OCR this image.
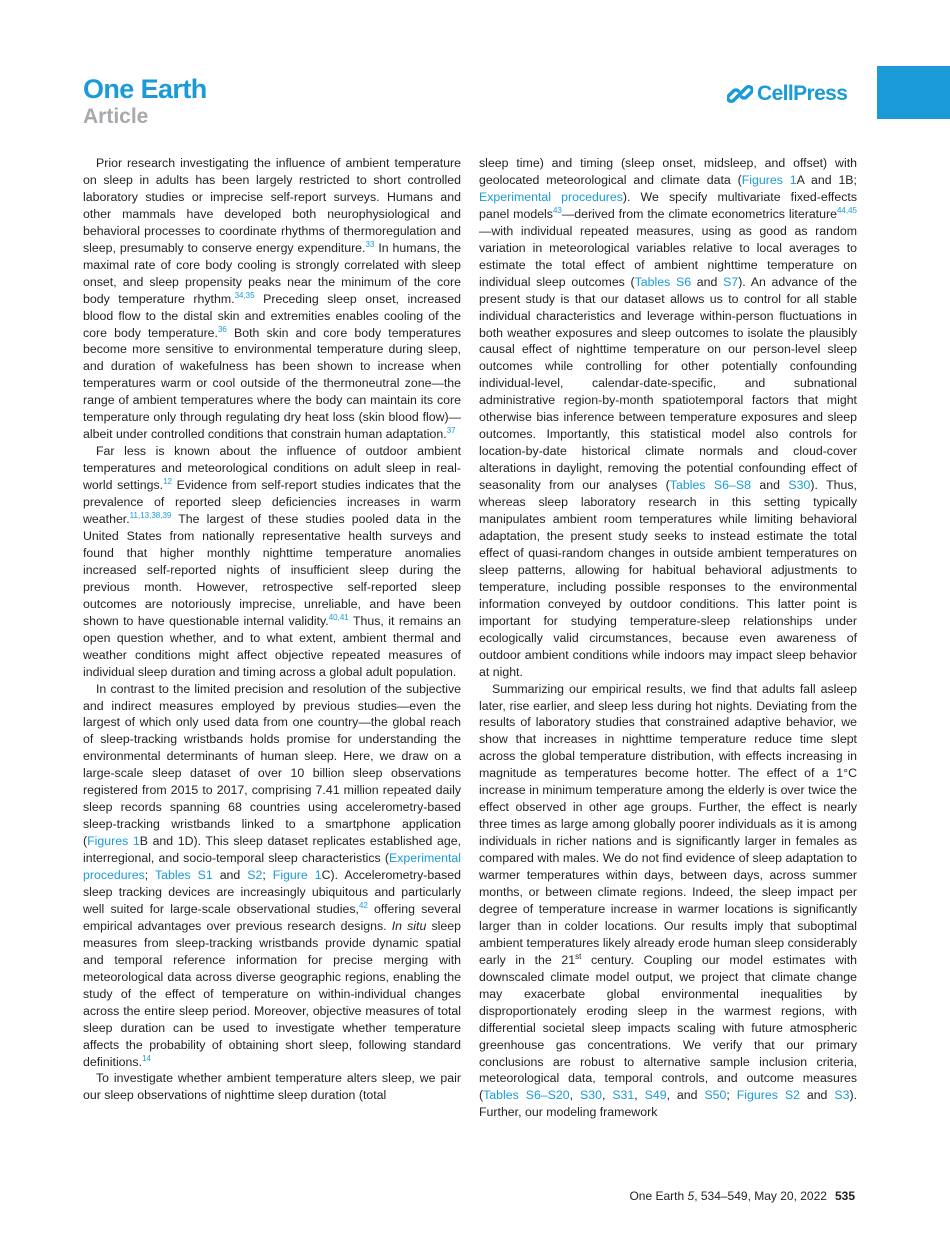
One Earth
Article
CellPress

Prior research investigating the influence of ambient temperature on sleep in adults has been largely restricted to short controlled laboratory studies or imprecise self-report surveys. Humans and other mammals have developed both neurophysiological and behavioral processes to coordinate rhythms of thermoregulation and sleep, presumably to conserve energy expenditure.$^{33}$ In humans, the maximal rate of core body cooling is strongly correlated with sleep onset, and sleep propensity peaks near the minimum of the core body temperature rhythm.$^{34,35}$ Preceding sleep onset, increased blood flow to the distal skin and extremities enables cooling of the core body temperature.$^{36}$ Both skin and core body temperatures become more sensitive to environmental temperature during sleep, and duration of wakefulness has been shown to increase when temperatures warm or cool outside of the thermoneutral zone—the range of ambient temperatures where the body can maintain its core temperature only through regulating dry heat loss (skin blood flow)—albeit under controlled conditions that constrain human adaptation.$^{37}$

Far less is known about the influence of outdoor ambient temperatures and meteorological conditions on adult sleep in real-world settings.$^{12}$ Evidence from self-report studies indicates that the prevalence of reported sleep deficiencies increases in warm weather.$^{11,13,38,39}$ The largest of these studies pooled data in the United States from nationally representative health surveys and found that higher monthly nighttime temperature anomalies increased self-reported nights of insufficient sleep during the previous month. However, retrospective self-reported sleep outcomes are notoriously imprecise, unreliable, and have been shown to have questionable internal validity.$^{40,41}$ Thus, it remains an open question whether, and to what extent, ambient thermal and weather conditions might affect objective repeated measures of individual sleep duration and timing across a global adult population.

In contrast to the limited precision and resolution of the subjective and indirect measures employed by previous studies—even the largest of which only used data from one country—the global reach of sleep-tracking wristbands holds promise for understanding the environmental determinants of human sleep. Here, we draw on a large-scale sleep dataset of over 10 billion sleep observations registered from 2015 to 2017, comprising 7.41 million repeated daily sleep records spanning 68 countries using accelerometry-based sleep-tracking wristbands linked to a smartphone application (Figures 1B and 1D). This sleep dataset replicates established age, interregional, and socio-temporal sleep characteristics (Experimental procedures; Tables S1 and S2; Figure 1C). Accelerometry-based sleep tracking devices are increasingly ubiquitous and particularly well suited for large-scale observational studies,$^{42}$ offering several empirical advantages over previous research designs. In situ sleep measures from sleep-tracking wristbands provide dynamic spatial and temporal reference information for precise merging with meteorological data across diverse geographic regions, enabling the study of the effect of temperature on within-individual changes across the entire sleep period. Moreover, objective measures of total sleep duration can be used to investigate whether temperature affects the probability of obtaining short sleep, following standard definitions.$^{14}$

To investigate whether ambient temperature alters sleep, we pair our sleep observations of nighttime sleep duration (total

sleep time) and timing (sleep onset, midsleep, and offset) with geolocated meteorological and climate data (Figures 1A and 1B; Experimental procedures). We specify multivariate fixed-effects panel models$^{43}$—derived from the climate econometrics literature$^{44,45}$—with individual repeated measures, using as good as random variation in meteorological variables relative to local averages to estimate the total effect of ambient nighttime temperature on individual sleep outcomes (Tables S6 and S7). An advance of the present study is that our dataset allows us to control for all stable individual characteristics and leverage within-person fluctuations in both weather exposures and sleep outcomes to isolate the plausibly causal effect of nighttime temperature on our person-level sleep outcomes while controlling for other potentially confounding individual-level, calendar-date-specific, and subnational administrative region-by-month spatiotemporal factors that might otherwise bias inference between temperature exposures and sleep outcomes. Importantly, this statistical model also controls for location-by-date historical climate normals and cloud-cover alterations in daylight, removing the potential confounding effect of seasonality from our analyses (Tables S6–S8 and S30). Thus, whereas sleep laboratory research in this setting typically manipulates ambient room temperatures while limiting behavioral adaptation, the present study seeks to instead estimate the total effect of quasi-random changes in outside ambient temperatures on sleep patterns, allowing for habitual behavioral adjustments to temperature, including possible responses to the environmental information conveyed by outdoor conditions. This latter point is important for studying temperature-sleep relationships under ecologically valid circumstances, because even awareness of outdoor ambient conditions while indoors may impact sleep behavior at night.

Summarizing our empirical results, we find that adults fall asleep later, rise earlier, and sleep less during hot nights. Deviating from the results of laboratory studies that constrained adaptive behavior, we show that increases in nighttime temperature reduce time slept across the global temperature distribution, with effects increasing in magnitude as temperatures become hotter. The effect of a 1°C increase in minimum temperature among the elderly is over twice the effect observed in other age groups. Further, the effect is nearly three times as large among globally poorer individuals as it is among individuals in richer nations and is significantly larger in females as compared with males. We do not find evidence of sleep adaptation to warmer temperatures within days, between days, across summer months, or between climate regions. Indeed, the sleep impact per degree of temperature increase in warmer locations is significantly larger than in colder locations. Our results imply that suboptimal ambient temperatures likely already erode human sleep considerably early in the 21st century. Coupling our model estimates with downscaled climate model output, we project that climate change may exacerbate global environmental inequalities by disproportionately eroding sleep in the warmest regions, with differential societal sleep impacts scaling with future atmospheric greenhouse gas concentrations. We verify that our primary conclusions are robust to alternative sample inclusion criteria, meteorological data, temporal controls, and outcome measures (Tables S6–S20, S30, S31, S49, and S50; Figures S2 and S3). Further, our modeling framework

One Earth 5, 534–549, May 20, 2022 535
